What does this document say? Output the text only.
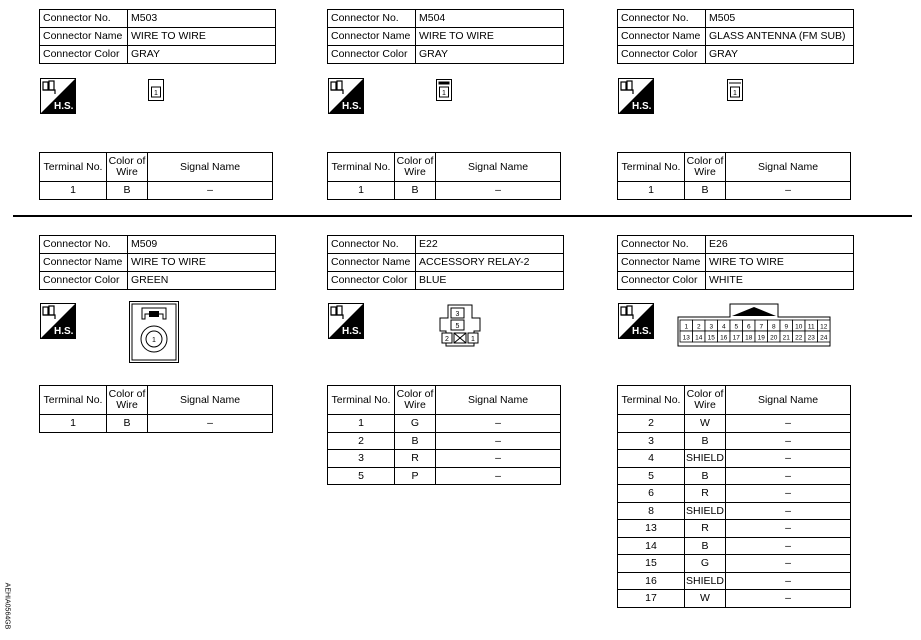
Connector No.	M503
Connector Name	WIRE TO WIRE
Connector Color	GRAY
H.S.
1
Terminal No.	Color of Wire	Signal Name
1	B	–
Connector No.	M504
Connector Name	WIRE TO WIRE
Connector Color	GRAY
H.S.
1
Terminal No.	Color of Wire	Signal Name
1	B	–
Connector No.	M505
Connector Name	GLASS ANTENNA (FM SUB)
Connector Color	GRAY
H.S.
1
Terminal No.	Color of Wire	Signal Name
1	B	–
Connector No.	M509
Connector Name	WIRE TO WIRE
Connector Color	GREEN
H.S.
1
Terminal No.	Color of Wire	Signal Name
1	B	–
Connector No.	E22
Connector Name	ACCESSORY RELAY-2
Connector Color	BLUE
H.S.
3
5
2	1
Terminal No.	Color of Wire	Signal Name
1	G	–
2	B	–
3	R	–
5	P	–
Connector No.	E26
Connector Name	WIRE TO WIRE
Connector Color	WHITE
H.S.	1 2 3 4 5 6 7 8 9 10 11 12
13 14 15 16 17 18 19 20 21 22 23 24
Terminal No.	Color of Wire	Signal Name
2	W	–
3	B	–
4	SHIELD	–
5	B	–
6	R	–
8	SHIELD	–
13	R	–
14	B	–
15	G	–
16	SHIELD	–
17	W	–
AEHIA0564GB
